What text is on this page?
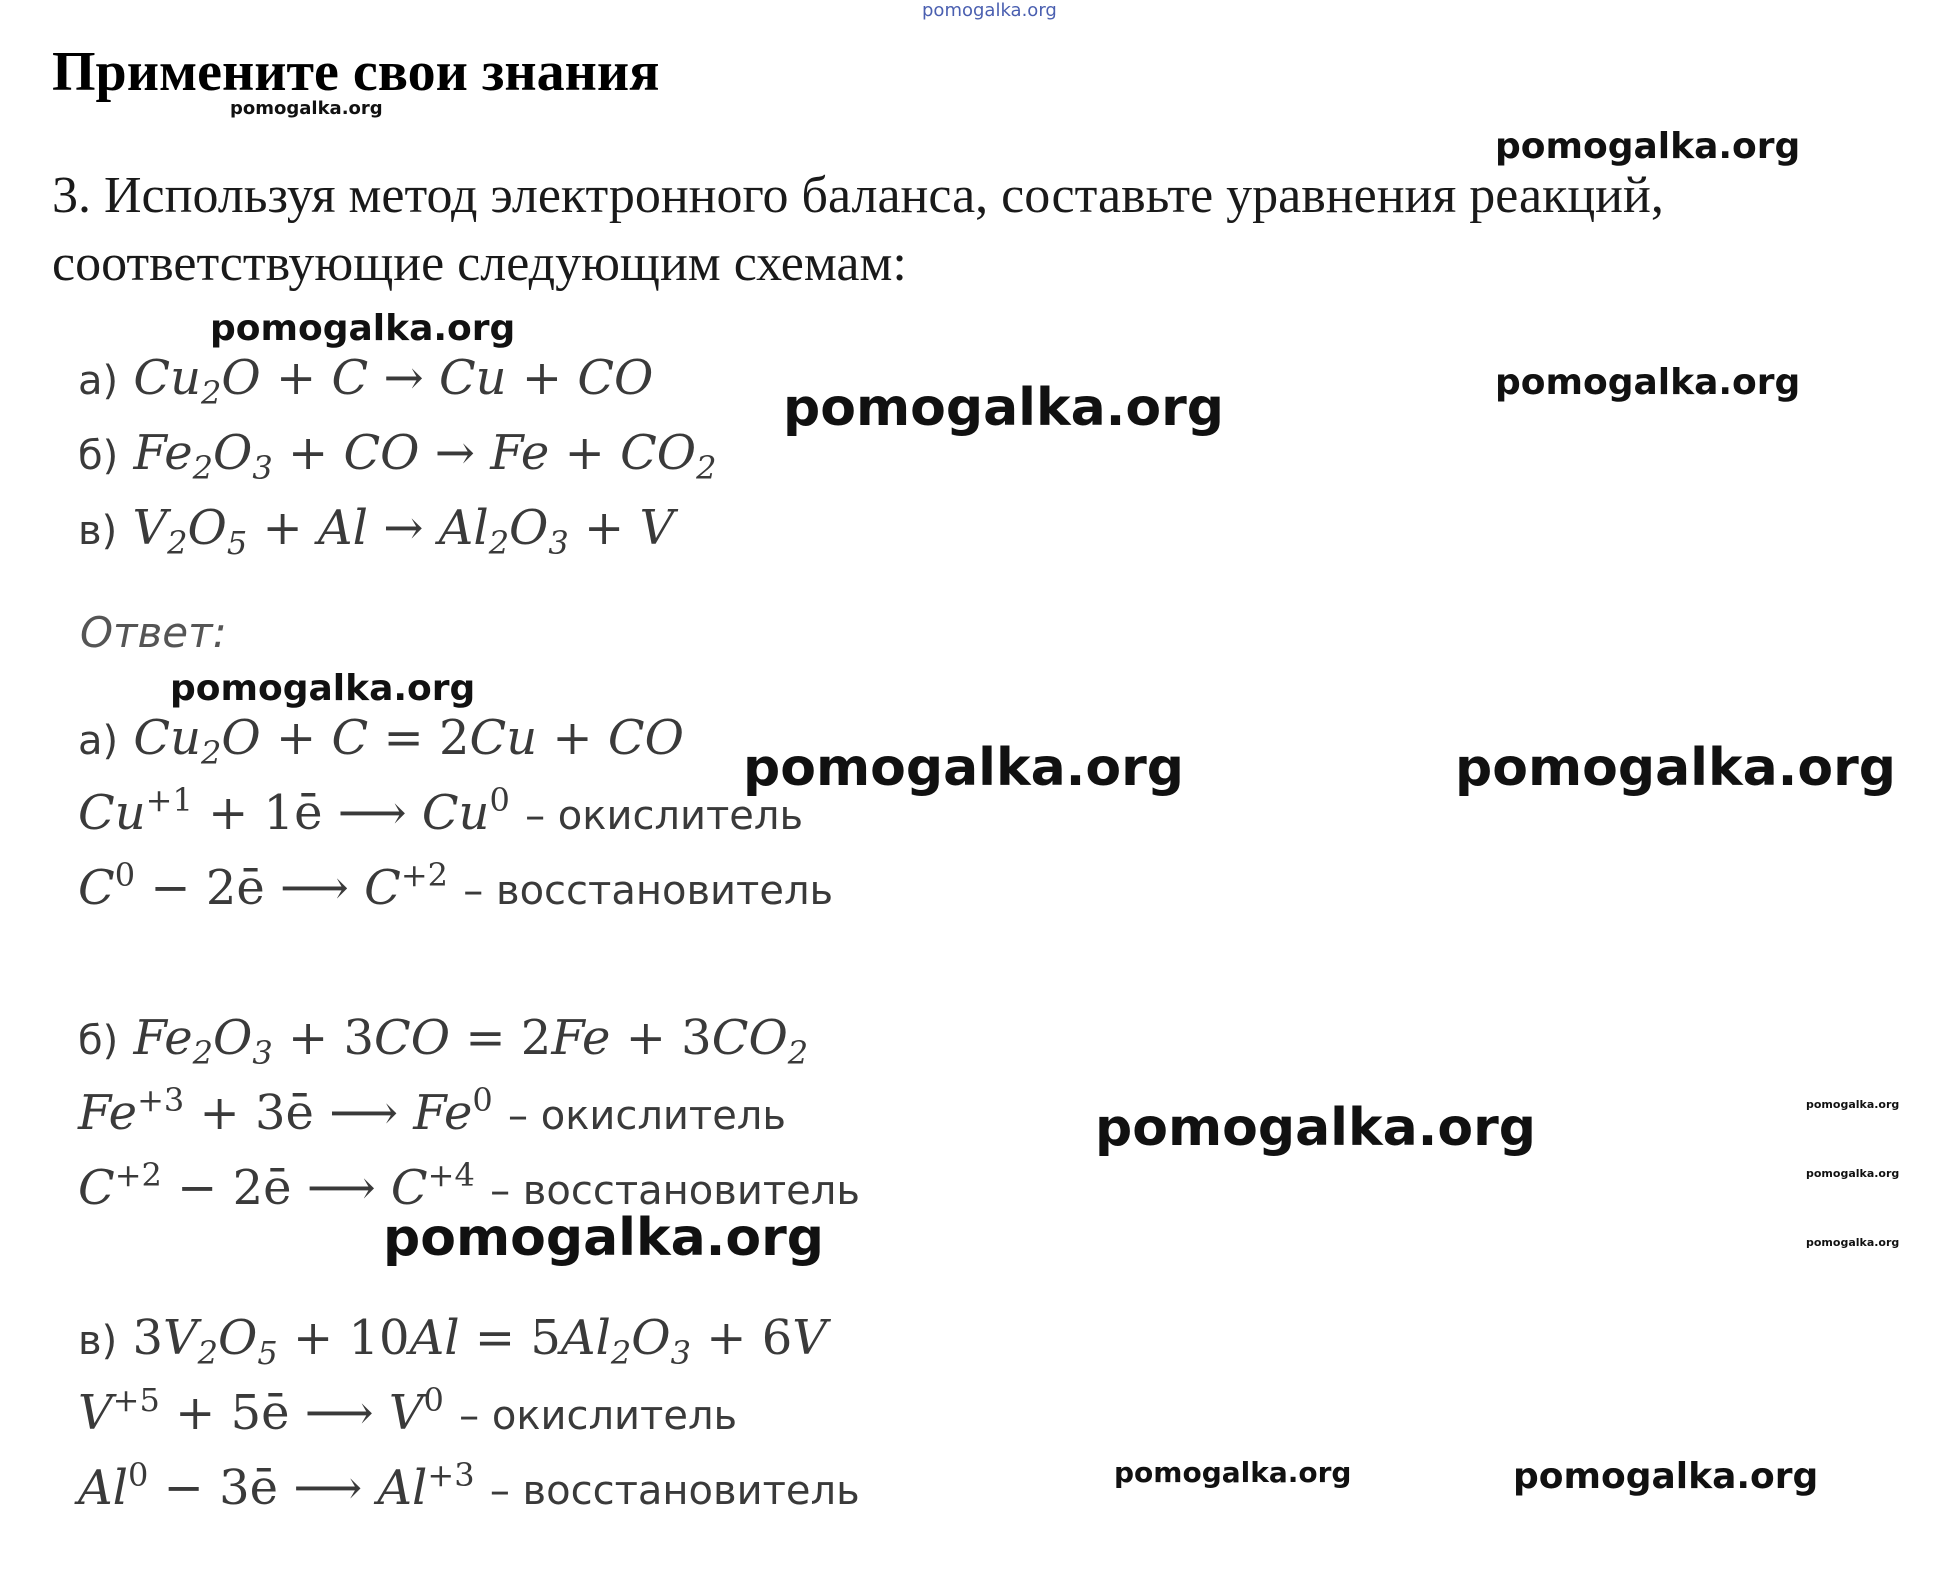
Примените свои знания
3. Используя метод электронного баланса, составьте уравнения реакций,
соответствующие следующим схемам:
а) $Cu_2O + C \to Cu$ + CO
б) $Fe_2O_3$ + CO → $Fe + CO_2$
в) $V_2O_5 + Al \to Al_2O_3 + V$
Ответ:
а) $Cu_2O + C = 2Cu$ + CO
$Cu^{+1}$ + 1ē ⟶ Cu$^0$ – окислитель
$C^0$ − 2ē ⟶ $C^{+2}$ – восстановитель
б) $Fe_2O_3 + 3CO = 2Fe + 3CO_2$
$Fe^{+3}$ + 3ē ⟶ Fe$^0$ – окислитель
$C^{+2}$ − 2ē ⟶ $C^{+4}$ – восстановитель
в) $3V_2O_5 + 10Al = 5Al_2O_3 + 6V$
$V^{+5}$ + 5ē ⟶ $V^0$ – окислитель
$Al^0$ − 3ē ⟶ $Al^{+3}$ – восстановитель
pomogalka.org
pomogalka.org
pomogalka.org
pomogalka.org
pomogalka.org
pomogalka.org
pomogalka.org
pomogalka.org	pomogalka.org
pomogalka.org	pomogalka.org
pomogalka.org
pomogalka.org	pomogalka.org
pomogalka.org	pomogalka.org
